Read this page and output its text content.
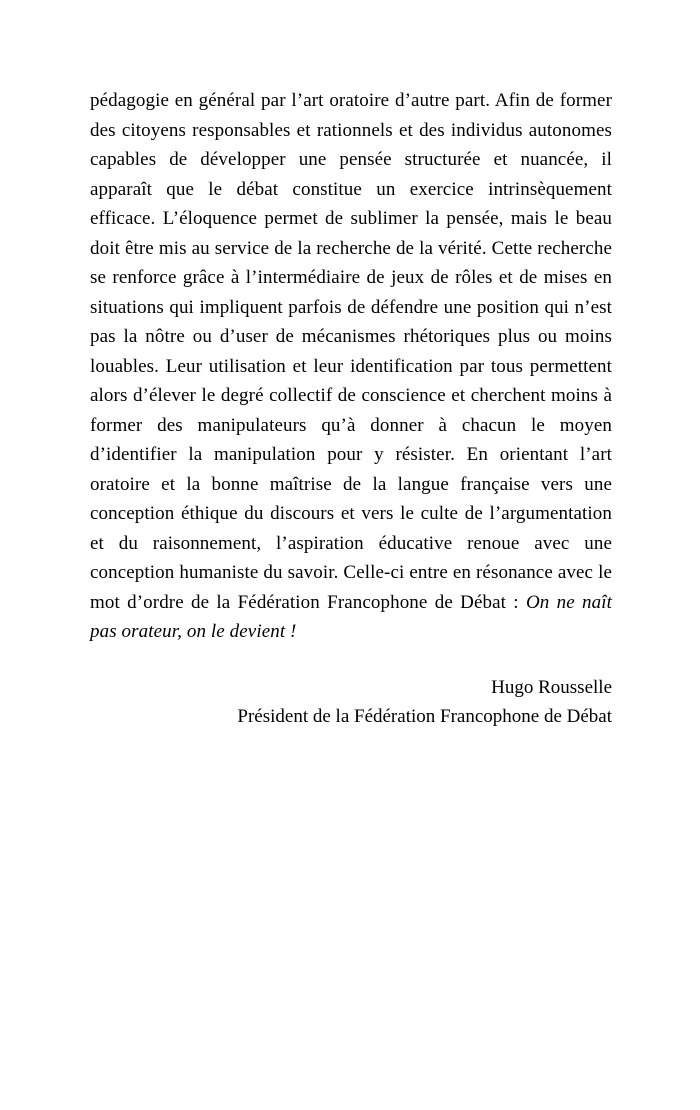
pédagogie en général par l’art oratoire d’autre part. Afin de former des citoyens responsables et rationnels et des individus autonomes capables de développer une pensée structurée et nuancée, il apparaît que le débat constitue un exercice intrinsèquement efficace. L’éloquence permet de sublimer la pensée, mais le beau doit être mis au service de la recherche de la vérité. Cette recherche se renforce grâce à l’intermédiaire de jeux de rôles et de mises en situations qui impliquent parfois de défendre une position qui n’est pas la nôtre ou d’user de mécanismes rhétoriques plus ou moins louables. Leur utilisation et leur identification par tous permettent alors d’élever le degré collectif de conscience et cherchent moins à former des manipulateurs qu’à donner à chacun le moyen d’identifier la manipulation pour y résister. En orientant l’art oratoire et la bonne maîtrise de la langue française vers une conception éthique du discours et vers le culte de l’argumentation et du raisonnement, l’aspiration éducative renoue avec une conception humaniste du savoir. Celle-ci entre en résonance avec le mot d’ordre de la Fédération Francophone de Débat : On ne naît pas orateur, on le devient !

Hugo Rousselle
Président de la Fédération Francophone de Débat
